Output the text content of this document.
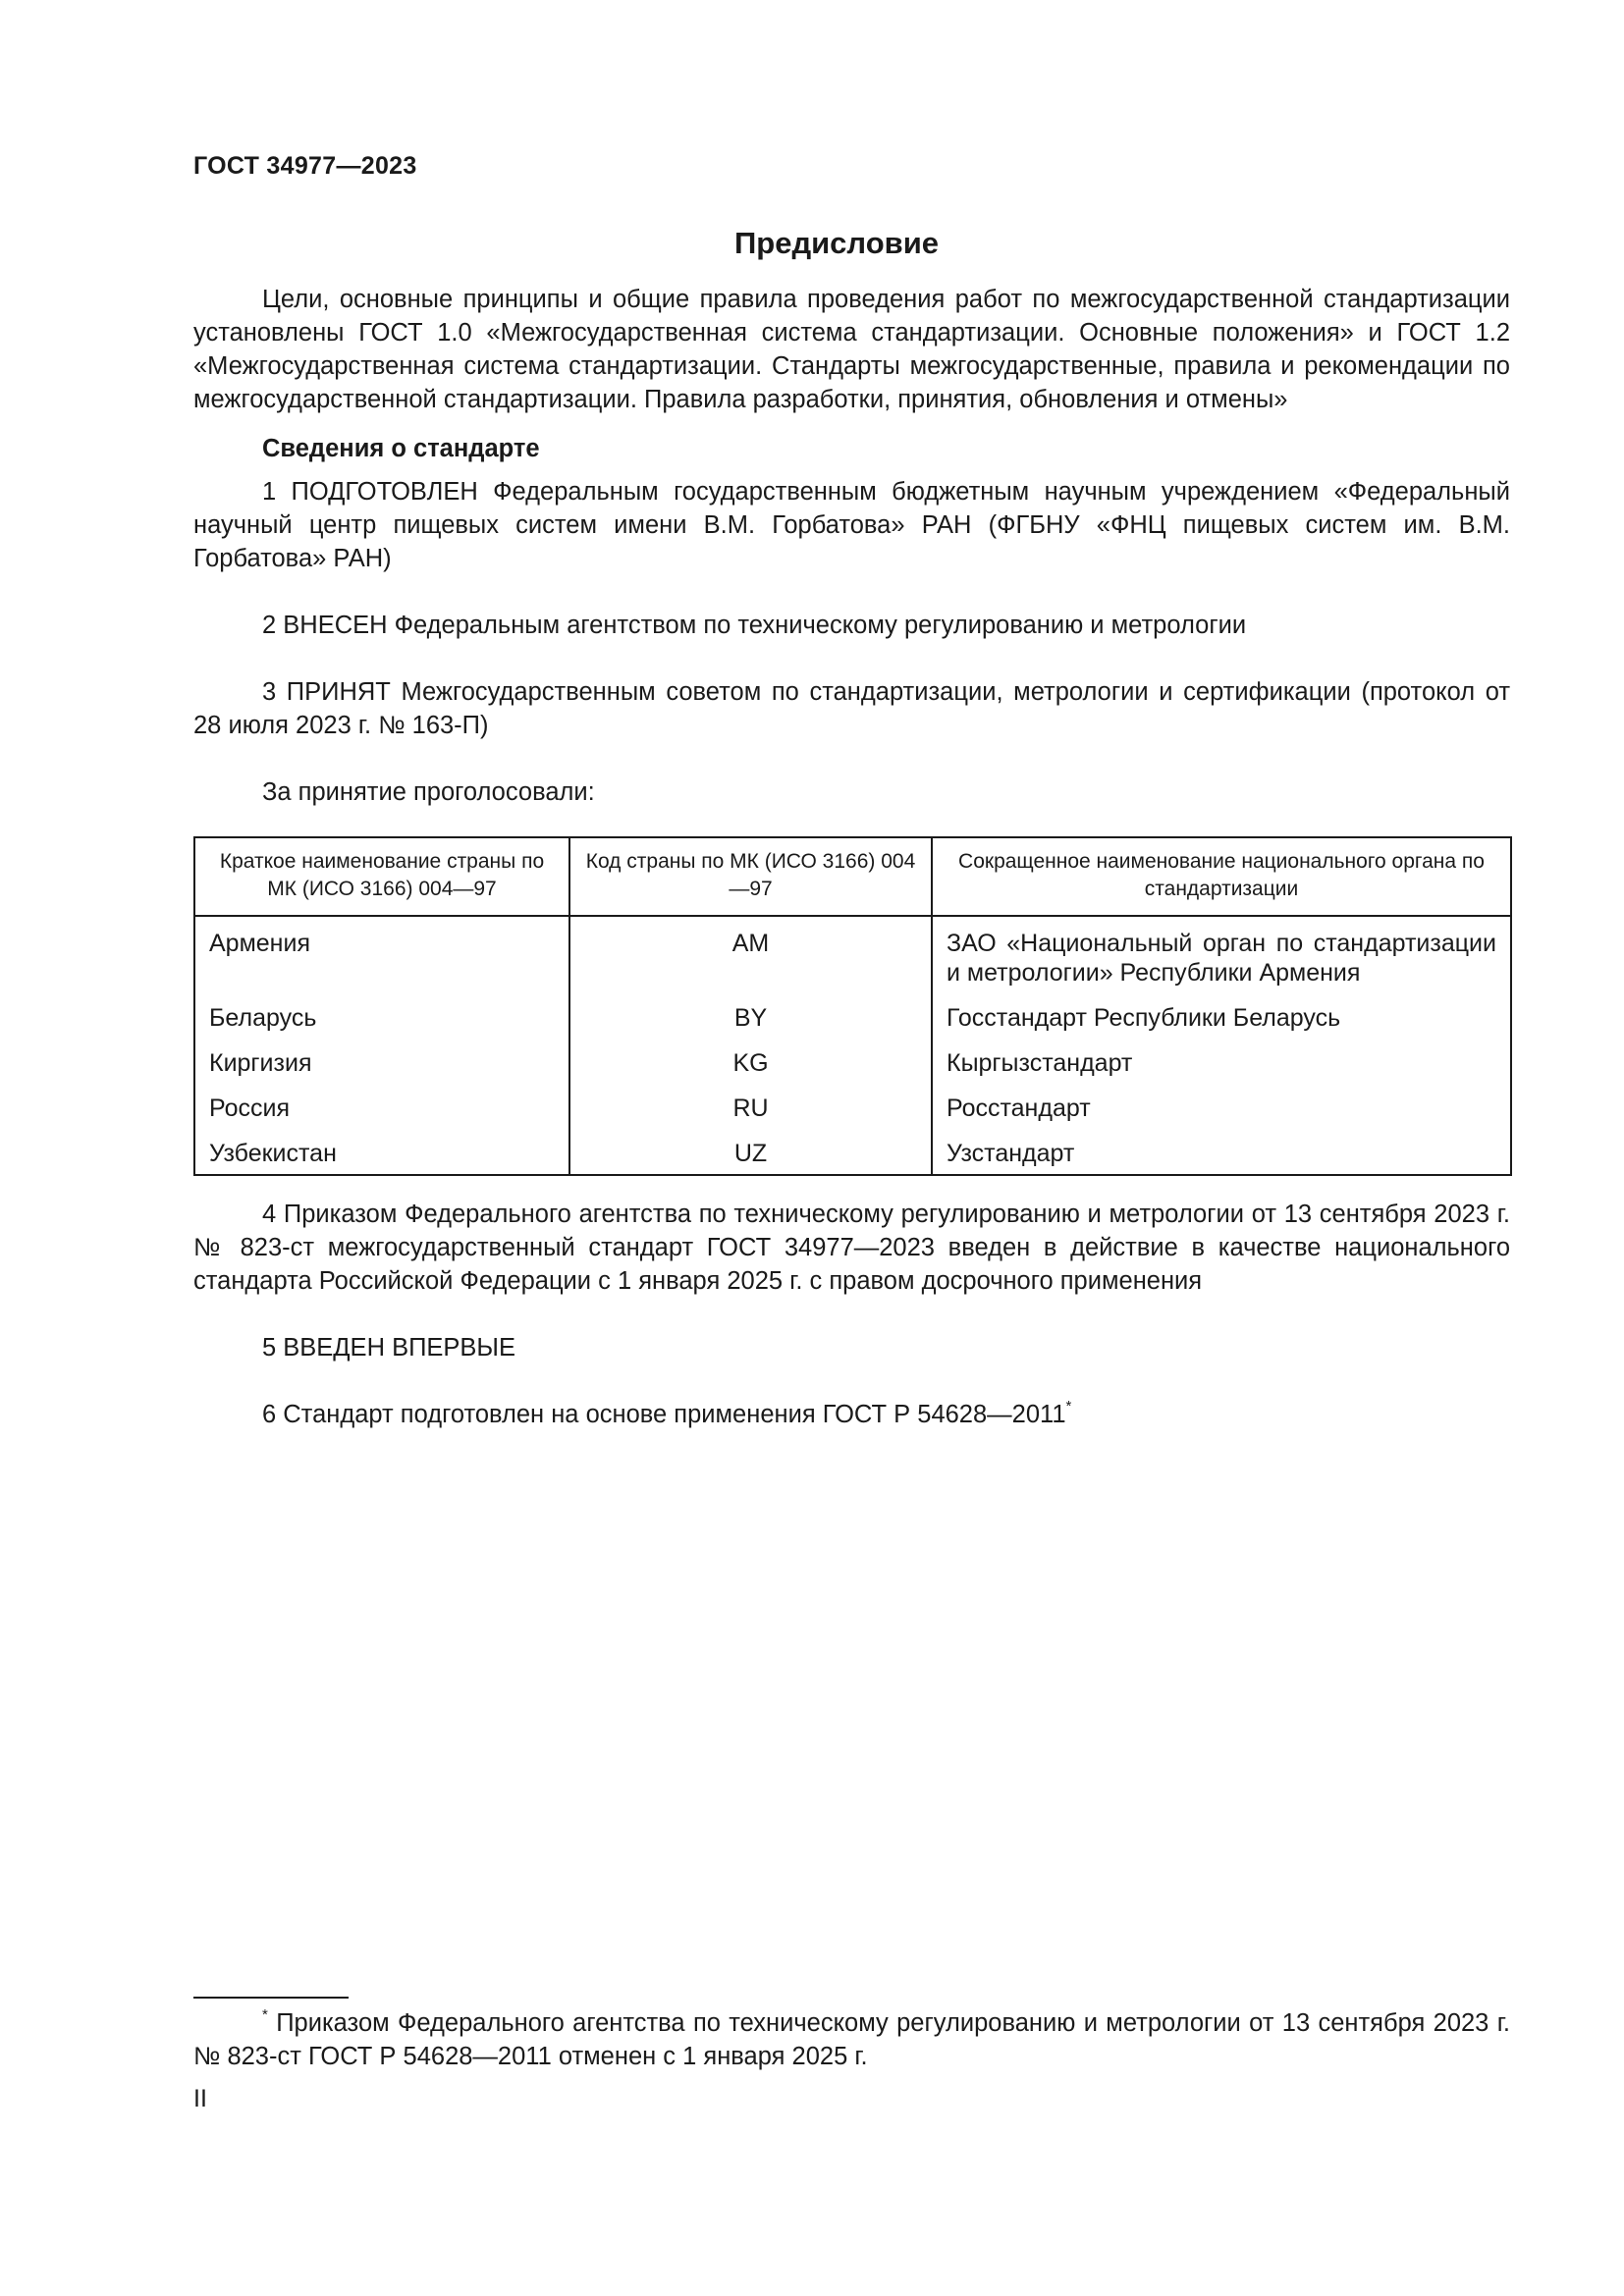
ГОСТ 34977—2023
Предисловие

Цели, основные принципы и общие правила проведения работ по межгосударственной стандартизации установлены ГОСТ 1.0 «Межгосударственная система стандартизации. Основные положения» и ГОСТ 1.2 «Межгосударственная система стандартизации. Стандарты межгосударственные, правила и рекомендации по межгосударственной стандартизации. Правила разработки, принятия, обновления и отмены»

Сведения о стандарте

1 ПОДГОТОВЛЕН Федеральным государственным бюджетным научным учреждением «Федеральный научный центр пищевых систем имени В.М. Горбатова» РАН (ФГБНУ «ФНЦ пищевых систем им. В.М. Горбатова» РАН)

2 ВНЕСЕН Федеральным агентством по техническому регулированию и метрологии

3 ПРИНЯТ Межгосударственным советом по стандартизации, метрологии и сертификации (протокол от 28 июля 2023 г. № 163-П)

За принятие проголосовали:

Краткое наименование страны по МК (ИСО 3166) 004—97	Код страны по МК (ИСО 3166) 004—97	Сокращенное наименование национального органа по стандартизации
Армения	AM	ЗАО «Национальный орган по стандартизации и метрологии» Республики Армения
Беларусь	BY	Госстандарт Республики Беларусь
Киргизия	KG	Кыргызстандарт
Россия	RU	Росстандарт
Узбекистан	UZ	Узстандарт

4 Приказом Федерального агентства по техническому регулированию и метрологии от 13 сентября 2023 г. № 823-ст межгосударственный стандарт ГОСТ 34977—2023 введен в действие в качестве национального стандарта Российской Федерации с 1 января 2025 г. с правом досрочного применения

5 ВВЕДЕН ВПЕРВЫЕ

6 Стандарт подготовлен на основе применения ГОСТ Р 54628—2011*

* Приказом Федерального агентства по техническому регулированию и метрологии от 13 сентября 2023 г. № 823-ст ГОСТ Р 54628—2011 отменен с 1 января 2025 г.
II
